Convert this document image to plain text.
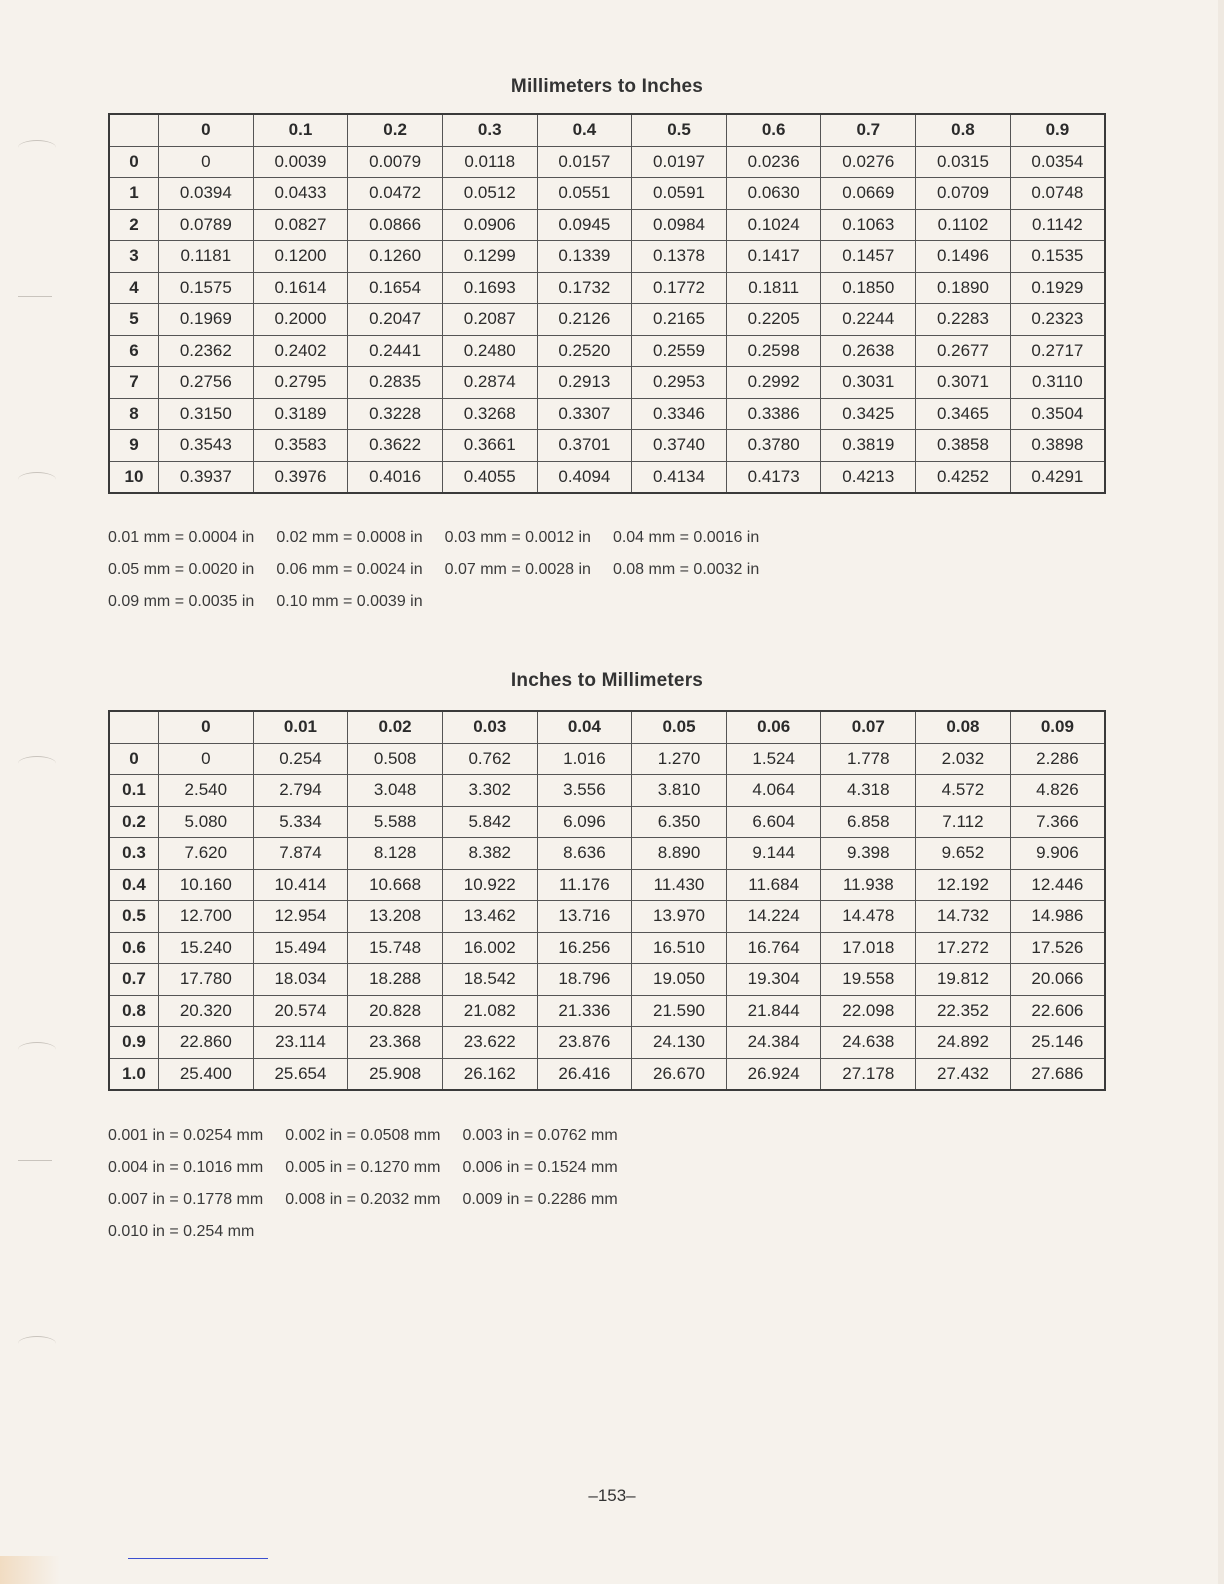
Millimeters to Inches
	0	0.1	0.2	0.3	0.4	0.5	0.6	0.7	0.8	0.9
0	0	0.0039	0.0079	0.0118	0.0157	0.0197	0.0236	0.0276	0.0315	0.0354
1	0.0394	0.0433	0.0472	0.0512	0.0551	0.0591	0.0630	0.0669	0.0709	0.0748
2	0.0789	0.0827	0.0866	0.0906	0.0945	0.0984	0.1024	0.1063	0.1102	0.1142
3	0.1181	0.1200	0.1260	0.1299	0.1339	0.1378	0.1417	0.1457	0.1496	0.1535
4	0.1575	0.1614	0.1654	0.1693	0.1732	0.1772	0.1811	0.1850	0.1890	0.1929
5	0.1969	0.2000	0.2047	0.2087	0.2126	0.2165	0.2205	0.2244	0.2283	0.2323
6	0.2362	0.2402	0.2441	0.2480	0.2520	0.2559	0.2598	0.2638	0.2677	0.2717
7	0.2756	0.2795	0.2835	0.2874	0.2913	0.2953	0.2992	0.3031	0.3071	0.3110
8	0.3150	0.3189	0.3228	0.3268	0.3307	0.3346	0.3386	0.3425	0.3465	0.3504
9	0.3543	0.3583	0.3622	0.3661	0.3701	0.3740	0.3780	0.3819	0.3858	0.3898
10	0.3937	0.3976	0.4016	0.4055	0.4094	0.4134	0.4173	0.4213	0.4252	0.4291
0.01 mm = 0.0004 in 0.02 mm = 0.0008 in 0.03 mm = 0.0012 in 0.04 mm = 0.0016 in
0.05 mm = 0.0020 in 0.06 mm = 0.0024 in 0.07 mm = 0.0028 in 0.08 mm = 0.0032 in
0.09 mm = 0.0035 in 0.10 mm = 0.0039 in
Inches to Millimeters
	0	0.01	0.02	0.03	0.04	0.05	0.06	0.07	0.08	0.09
0	0	0.254	0.508	0.762	1.016	1.270	1.524	1.778	2.032	2.286
0.1	2.540	2.794	3.048	3.302	3.556	3.810	4.064	4.318	4.572	4.826
0.2	5.080	5.334	5.588	5.842	6.096	6.350	6.604	6.858	7.112	7.366
0.3	7.620	7.874	8.128	8.382	8.636	8.890	9.144	9.398	9.652	9.906
0.4	10.160	10.414	10.668	10.922	11.176	11.430	11.684	11.938	12.192	12.446
0.5	12.700	12.954	13.208	13.462	13.716	13.970	14.224	14.478	14.732	14.986
0.6	15.240	15.494	15.748	16.002	16.256	16.510	16.764	17.018	17.272	17.526
0.7	17.780	18.034	18.288	18.542	18.796	19.050	19.304	19.558	19.812	20.066
0.8	20.320	20.574	20.828	21.082	21.336	21.590	21.844	22.098	22.352	22.606
0.9	22.860	23.114	23.368	23.622	23.876	24.130	24.384	24.638	24.892	25.146
1.0	25.400	25.654	25.908	26.162	26.416	26.670	26.924	27.178	27.432	27.686
0.001 in = 0.0254 mm 0.002 in = 0.0508 mm 0.003 in = 0.0762 mm
0.004 in = 0.1016 mm 0.005 in = 0.1270 mm 0.006 in = 0.1524 mm
0.007 in = 0.1778 mm 0.008 in = 0.2032 mm 0.009 in = 0.2286 mm
0.010 in = 0.254 mm
–153–
